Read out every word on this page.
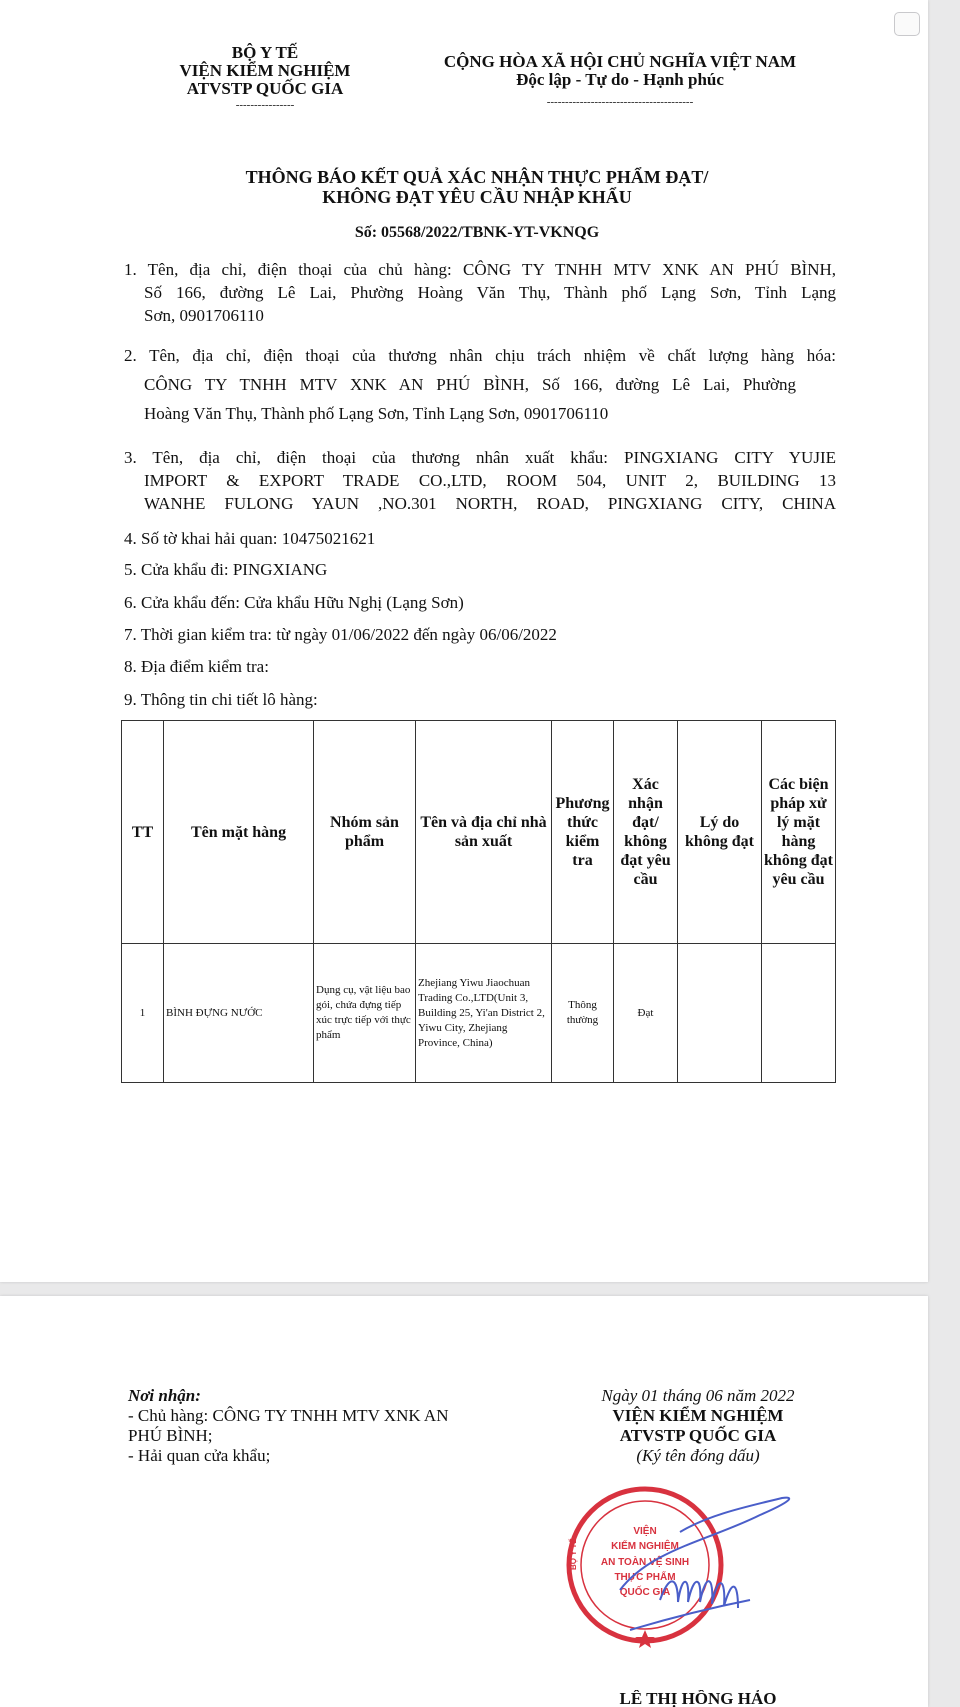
BỘ Y TẾ
VIỆN KIỂM NGHIỆM
ATVSTP QUỐC GIA
----------------
CỘNG HÒA XÃ HỘI CHỦ NGHĨA VIỆT NAM
Độc lập - Tự do - Hạnh phúc
----------------------------------------
THÔNG BÁO KẾT QUẢ XÁC NHẬN THỰC PHẨM ĐẠT/
KHÔNG ĐẠT YÊU CẦU NHẬP KHẨU
Số: 05568/2022/TBNK-YT-VKNQG
1. Tên, địa chỉ, điện thoại của chủ hàng: CÔNG TY TNHH MTV XNK AN PHÚ BÌNH,
Số 166, đường Lê Lai, Phường Hoàng Văn Thụ, Thành phố Lạng Sơn, Tỉnh Lạng
Sơn, 0901706110
2. Tên, địa chỉ, điện thoại của thương nhân chịu trách nhiệm về chất lượng hàng hóa:
CÔNG TY TNHH MTV XNK AN PHÚ BÌNH, Số 166, đường Lê Lai, Phường
Hoàng Văn Thụ, Thành phố Lạng Sơn, Tỉnh Lạng Sơn, 0901706110
3. Tên, địa chỉ, điện thoại của thương nhân xuất khẩu: PINGXIANG CITY YUJIE
IMPORT & EXPORT TRADE CO.,LTD, ROOM 504, UNIT 2, BUILDING 13
WANHE FULONG YAUN ,NO.301 NORTH, ROAD, PINGXIANG CITY, CHINA
4. Số tờ khai hải quan: 10475021621
5. Cửa khẩu đi: PINGXIANG
6. Cửa khẩu đến: Cửa khẩu Hữu Nghị (Lạng Sơn)
7. Thời gian kiểm tra: từ ngày 01/06/2022 đến ngày 06/06/2022
8. Địa điểm kiểm tra:
9. Thông tin chi tiết lô hàng:
TT	Tên mặt hàng	Nhóm sản phẩm	Tên và địa chỉ nhà sản xuất	Phương thức kiểm tra	Xác nhận đạt/ không đạt yêu cầu	Lý do không đạt	Các biện pháp xử lý mặt hàng không đạt yêu cầu
1	BÌNH ĐỰNG NƯỚC	Dụng cụ, vật liệu bao gói, chứa đựng tiếp xúc trực tiếp với thực phẩm	Zhejiang Yiwu Jiaochuan Trading Co.,LTD(Unit 3, Building 25, Yi'an District 2, Yiwu City, Zhejiang Province, China)	Thông thường	Đạt		
Nơi nhận:
- Chủ hàng: CÔNG TY TNHH MTV XNK AN
PHÚ BÌNH;
- Hải quan cửa khẩu;
Ngày 01 tháng 06 năm 2022
VIỆN KIỂM NGHIỆM
ATVSTP QUỐC GIA
(Ký tên đóng dấu)
VIỆN
KIỂM NGHIỆM
AN TOÀN VỆ SINH
THỰC PHẨM
QUỐC GIA
BỘ Y TẾ
LÊ THỊ HỒNG HẢO
